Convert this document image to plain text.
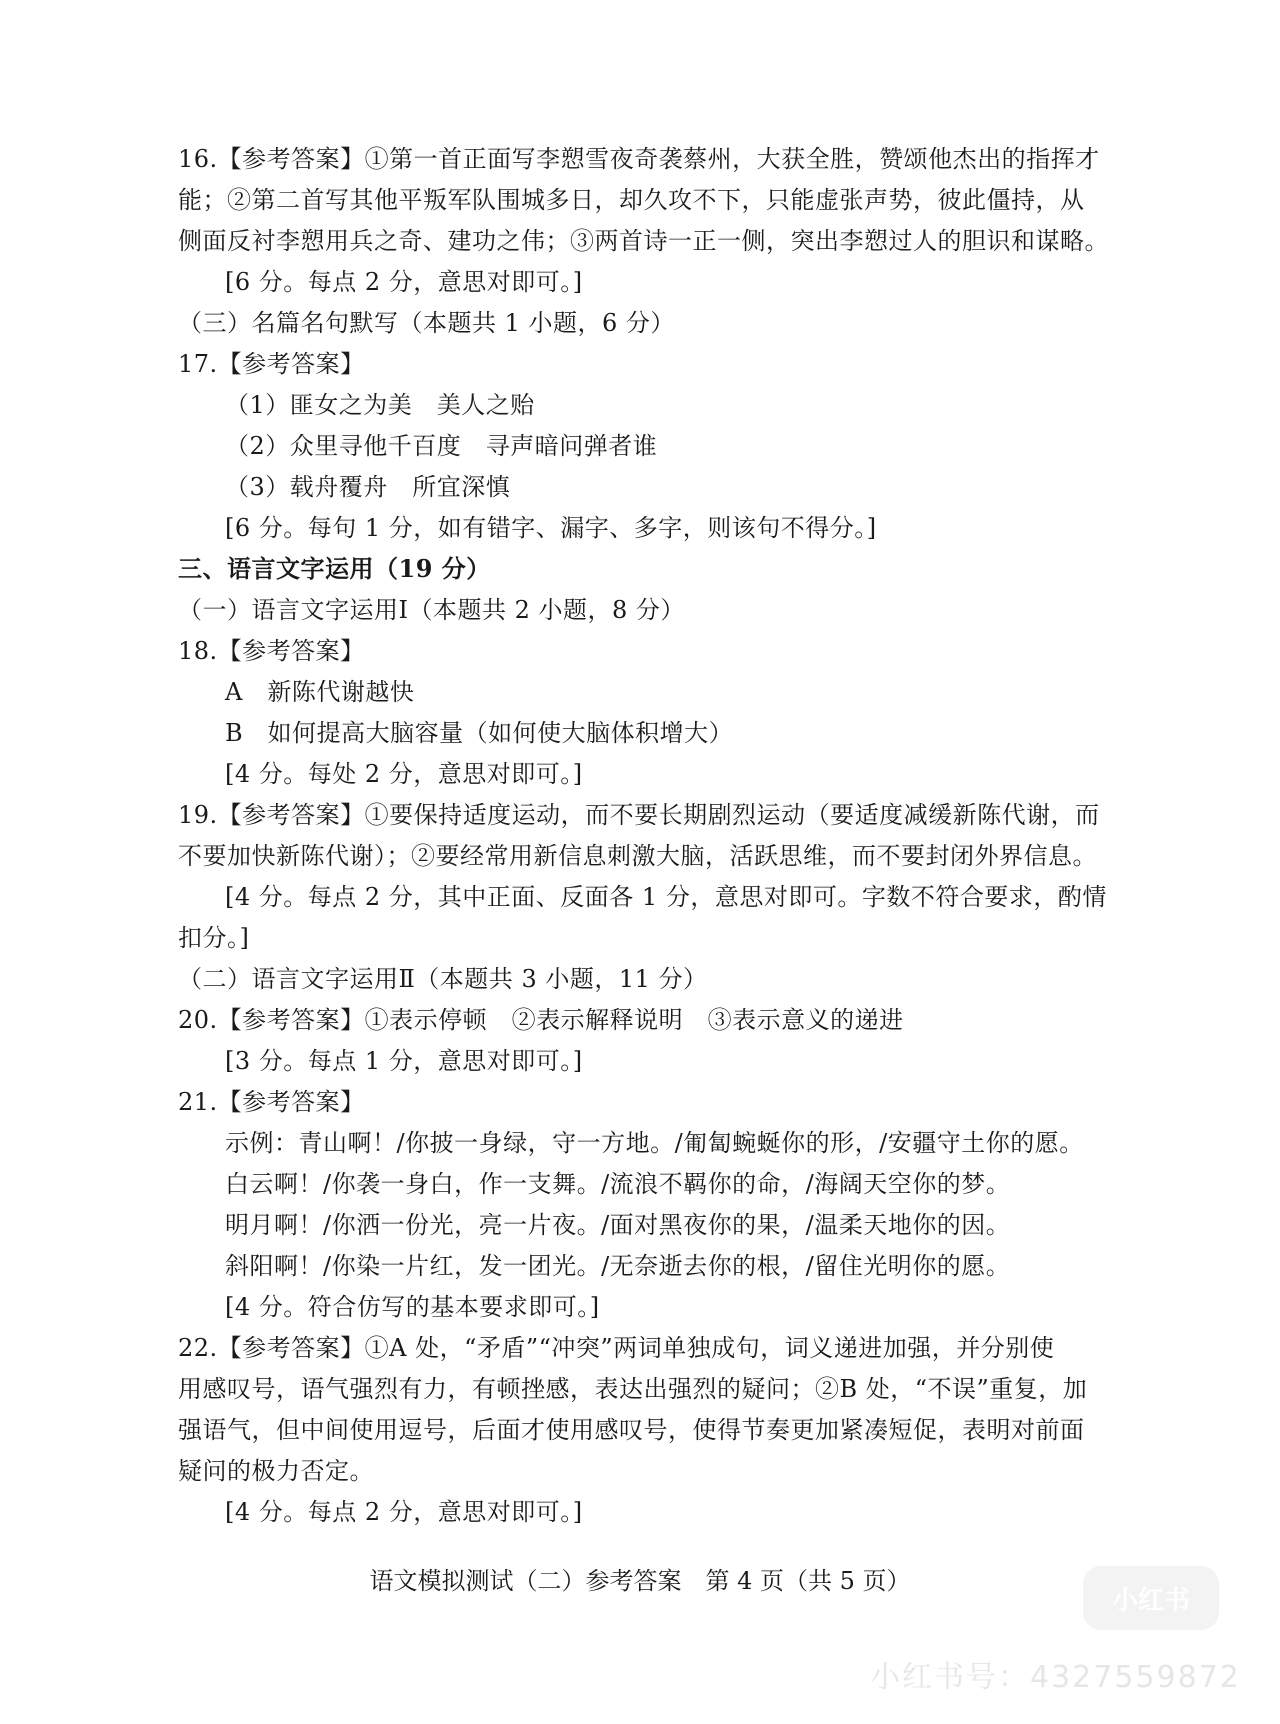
16.【参考答案】①第一首正面写李愬雪夜奇袭蔡州，大获全胜，赞颂他杰出的指挥才
能；②第二首写其他平叛军队围城多日，却久攻不下，只能虚张声势，彼此僵持，从
侧面反衬李愬用兵之奇、建功之伟；③两首诗一正一侧，突出李愬过人的胆识和谋略。
[6 分。每点 2 分，意思对即可。]
（三）名篇名句默写（本题共 1 小题，6 分）
17.【参考答案】
（1）匪女之为美　美人之贻
（2）众里寻他千百度　寻声暗问弹者谁
（3）载舟覆舟　所宜深慎
[6 分。每句 1 分，如有错字、漏字、多字，则该句不得分。]
三、语言文字运用（19 分）
（一）语言文字运用Ⅰ（本题共 2 小题，8 分）
18.【参考答案】
A　新陈代谢越快
B　如何提高大脑容量（如何使大脑体积增大）
[4 分。每处 2 分，意思对即可。]
19.【参考答案】①要保持适度运动，而不要长期剧烈运动（要适度减缓新陈代谢，而
不要加快新陈代谢）；②要经常用新信息刺激大脑，活跃思维，而不要封闭外界信息。
[4 分。每点 2 分，其中正面、反面各 1 分，意思对即可。字数不符合要求，酌情
扣分。]
（二）语言文字运用Ⅱ（本题共 3 小题，11 分）
20.【参考答案】①表示停顿　②表示解释说明　③表示意义的递进
[3 分。每点 1 分，意思对即可。]
21.【参考答案】
示例：青山啊！/你披一身绿，守一方地。/匍匐蜿蜒你的形，/安疆守土你的愿。
白云啊！/你袭一身白，作一支舞。/流浪不羁你的命，/海阔天空你的梦。
明月啊！/你洒一份光，亮一片夜。/面对黑夜你的果，/温柔天地你的因。
斜阳啊！/你染一片红，发一团光。/无奈逝去你的根，/留住光明你的愿。
[4 分。符合仿写的基本要求即可。]
22.【参考答案】①A 处，“矛盾”“冲突”两词单独成句，词义递进加强，并分别使
用感叹号，语气强烈有力，有顿挫感，表达出强烈的疑问；②B 处，“不误”重复，加
强语气，但中间使用逗号，后面才使用感叹号，使得节奏更加紧凑短促，表明对前面
疑问的极力否定。
[4 分。每点 2 分，意思对即可。]
语文模拟测试（二）参考答案　第 4 页（共 5 页）
小红书
小红书号：4327559872
